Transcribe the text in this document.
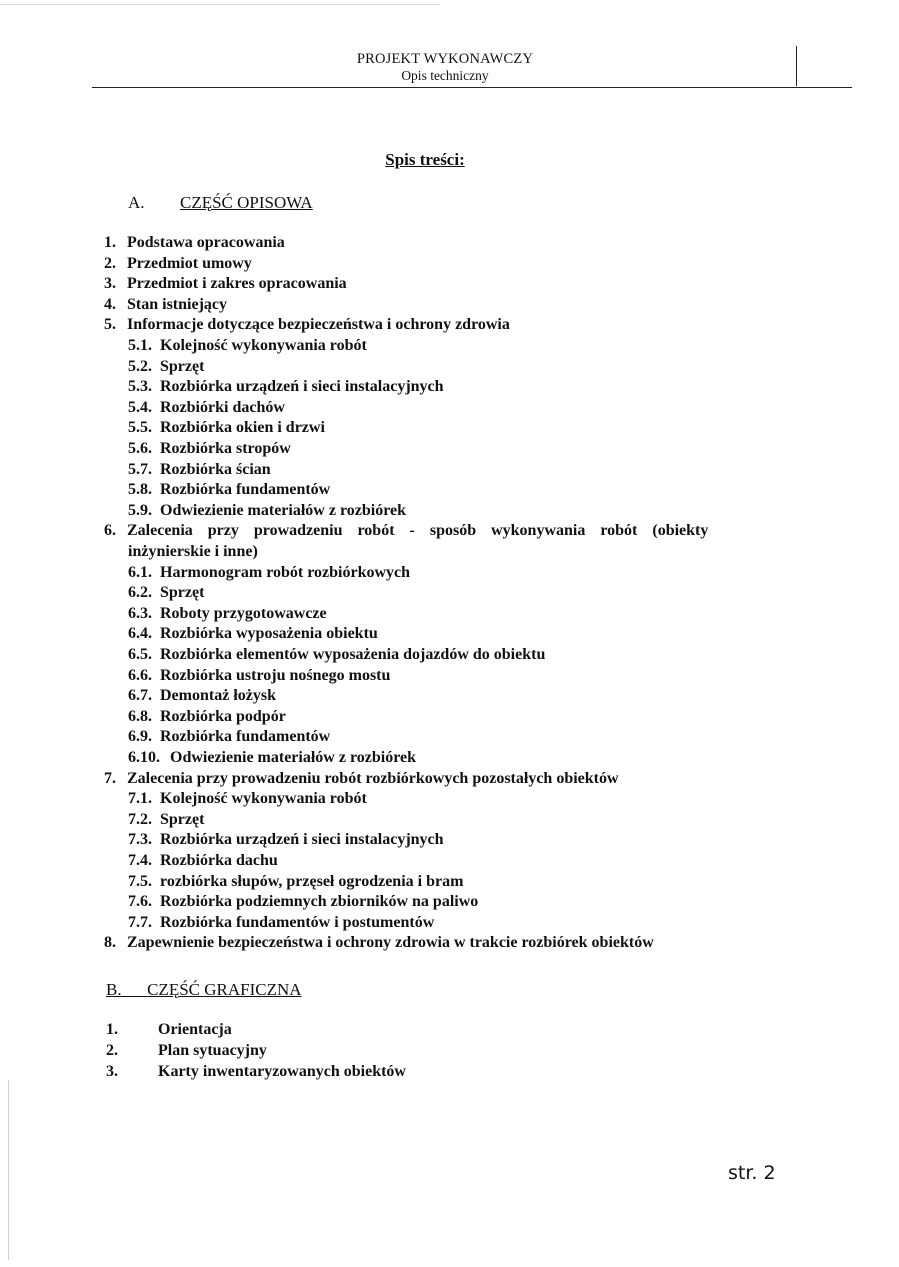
PROJEKT WYKONAWCZY
Opis techniczny
Spis treści:
A. CZĘŚĆ OPISOWA
1. Podstawa opracowania
2. Przedmiot umowy
3. Przedmiot i zakres opracowania
4. Stan istniejący
5. Informacje dotyczące bezpieczeństwa i ochrony zdrowia
5.1. Kolejność wykonywania robót
5.2. Sprzęt
5.3. Rozbiórka urządzeń i sieci instalacyjnych
5.4. Rozbiórki dachów
5.5. Rozbiórka okien i drzwi
5.6. Rozbiórka stropów
5.7. Rozbiórka ścian
5.8. Rozbiórka fundamentów
5.9. Odwiezienie materiałów z rozbiórek
6. Zalecenia przy prowadzeniu robót - sposób wykonywania robót (obiekty
inżynierskie i inne)
6.1. Harmonogram robót rozbiórkowych
6.2. Sprzęt
6.3. Roboty przygotowawcze
6.4. Rozbiórka wyposażenia obiektu
6.5. Rozbiórka elementów wyposażenia dojazdów do obiektu
6.6. Rozbiórka ustroju nośnego mostu
6.7. Demontaż łożysk
6.8. Rozbiórka podpór
6.9. Rozbiórka fundamentów
6.10. Odwiezienie materiałów z rozbiórek
7. Zalecenia przy prowadzeniu robót rozbiórkowych pozostałych obiektów
7.1. Kolejność wykonywania robót
7.2. Sprzęt
7.3. Rozbiórka urządzeń i sieci instalacyjnych
7.4. Rozbiórka dachu
7.5. rozbiórka słupów, przęseł ogrodzenia i bram
7.6. Rozbiórka podziemnych zbiorników na paliwo
7.7. Rozbiórka fundamentów i postumentów
8. Zapewnienie bezpieczeństwa i ochrony zdrowia w trakcie rozbiórek obiektów
B. CZĘŚĆ GRAFICZNA
1.	Orientacja
2.	Plan sytuacyjny
3.	Karty inwentaryzowanych obiektów
str. 2
